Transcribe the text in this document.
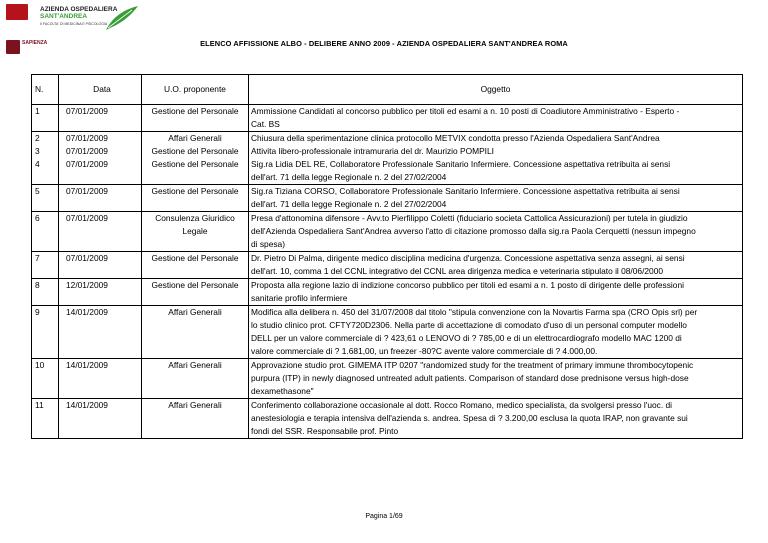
AZIENDA OSPEDALIERA
SANT'ANDREA
II FACOLTA' DI MEDICINA E PSICOLOGIA
SAPIENZA	ELENCO AFFISSIONE ALBO - DELIBERE ANNO 2009 - AZIENDA OSPEDALIERA SANT'ANDREA ROMA
N.	Data	U.O. proponente	Oggetto
1	07/01/2009	Gestione del Personale	Ammissione Candidati al concorso pubblico per titoli ed esami a n. 10 posti di Coadiutore Amministrativo - Esperto -
			Cat. BS
2	07/01/2009	Affari Generali	Chiusura della sperimentazione clinica protocollo METVIX condotta presso l'Azienda Ospedaliera Sant'Andrea
3	07/01/2009	Gestione del Personale	Attivita libero-professionale intramuraria del dr. Maurizio POMPILI
4	07/01/2009	Gestione del Personale	Sig.ra Lidia DEL RE, Collaboratore Professionale Sanitario Infermiere. Concessione aspettativa retribuita ai sensi
			dell'art. 71 della legge Regionale n. 2 del 27/02/2004
5	07/01/2009	Gestione del Personale	Sig.ra Tiziana CORSO, Collaboratore Professionale Sanitario Infermiere. Concessione aspettativa retribuita ai sensi
			dell'art. 71 della legge Regionale n. 2 del 27/02/2004
6	07/01/2009	Consulenza Giuridico	Presa d'attonomina difensore - Avv.to Pierfilippo Coletti (fiduciario societa Cattolica Assicurazioni) per tutela in giudizio
		Legale	dell'Azienda Ospedaliera Sant'Andrea avverso l'atto di citazione promosso dalla sig.ra Paola Cerquetti (nessun impegno
			di spesa)
7	07/01/2009	Gestione del Personale	Dr. Pietro Di Palma, dirigente medico disciplina medicina d'urgenza. Concessione aspettativa senza assegni, ai sensi
			dell'art. 10, comma 1 del CCNL integrativo del CCNL area dirigenza medica e veterinaria stipulato il 08/06/2000
8	12/01/2009	Gestione del Personale	Proposta alla regione lazio di indizione concorso pubblico per titoli ed esami a n. 1 posto di dirigente delle professioni
			sanitarie profilo infermiere
9	14/01/2009	Affari Generali	Modifica alla delibera n. 450 del 31/07/2008 dal titolo "stipula convenzione con la Novartis Farma spa (CRO Opis srl) per
			lo studio clinico prot. CFTY720D2306. Nella parte di accettazione di comodato d'uso di un personal computer modello
			DELL per un valore commerciale di ? 423,61 o LENOVO di ? 785,00 e di un elettrocardiografo modello MAC 1200 di
			valore commerciale di ? 1.681,00, un freezer -80?C avente valore commerciale di ? 4.000,00.
10	14/01/2009	Affari Generali	Approvazione studio prot. GIMEMA ITP 0207 "randomized study for the treatment of primary immune thrombocytopenic
			purpura (ITP) in newly diagnosed untreated adult patients. Comparison of standard dose prednisone versus high-dose
			dexamethasone"
11	14/01/2009	Affari Generali	Conferimento collaborazione occasionale al dott. Rocco Romano, medico specialista, da svolgersi presso l'uoc. di
			anestesiologia e terapia intensiva dell'azienda s. andrea. Spesa di ? 3.200,00 esclusa la quota IRAP, non gravante sui
			fondi del SSR. Responsabile prof. Pinto
Pagina 1/69
